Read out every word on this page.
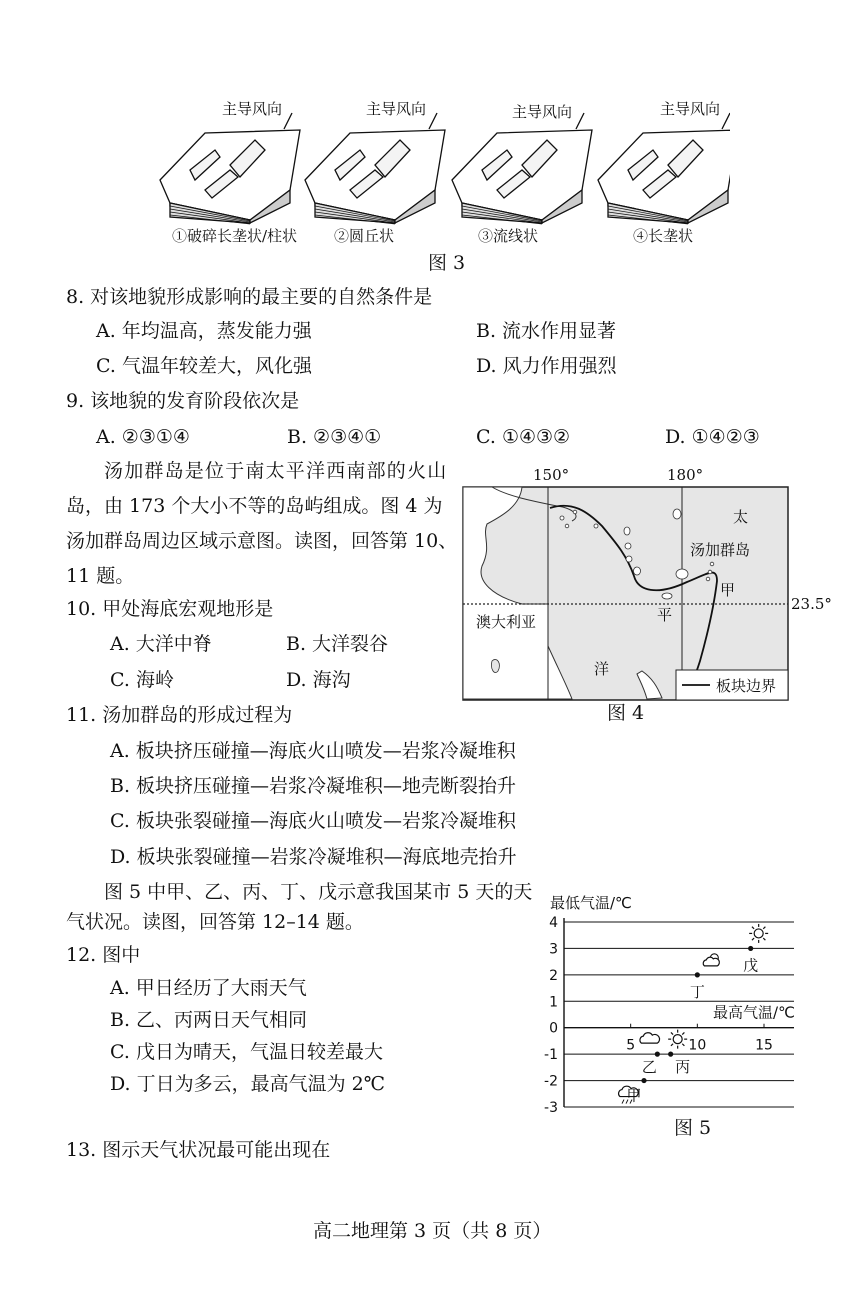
主导风向	主导风向	主导风向	主导风向
①破碎长垄状/柱状 ②圆丘状	③流线状	④长垄状
图 3
8. 对该地貌形成影响的最主要的自然条件是
A. 年均温高，蒸发能力强	B. 流水作用显著
C. 气温年较差大，风化强	D. 风力作用强烈
9. 该地貌的发育阶段依次是
A. ②③①④	B. ②③④①	C. ①④③②	D. ①④②③
汤加群岛是位于南太平洋西南部的火山
岛，由 173 个大小不等的岛屿组成。图 4 为
汤加群岛周边区域示意图。读图，回答第 10、
11 题。
150°	180°
23.5°
澳大利亚
汤加群岛
甲
太
平
洋
板块边界
图 4
10. 甲处海底宏观地形是
A. 大洋中脊	B. 大洋裂谷
C. 海岭	D. 海沟
11. 汤加群岛的形成过程为
A. 板块挤压碰撞—海底火山喷发—岩浆冷凝堆积
B. 板块挤压碰撞—岩浆冷凝堆积—地壳断裂抬升
C. 板块张裂碰撞—海底火山喷发—岩浆冷凝堆积
D. 板块张裂碰撞—岩浆冷凝堆积—海底地壳抬升
图 5 中甲、乙、丙、丁、戊示意我国某市 5 天的天
气状况。读图，回答第 12–14 题。
12. 图中
A. 甲日经历了大雨天气
B. 乙、丙两日天气相同
C. 戊日为晴天，气温日较差最大
D. 丁日为多云，最高气温为 2℃
4
3
2
1
0
-1
-2
-3
5	10	15
最低气温/℃
最高气温/℃
甲
乙 丙
丁
戊
图 5
13. 图示天气状况最可能出现在
高二地理第 3 页（共 8 页）
